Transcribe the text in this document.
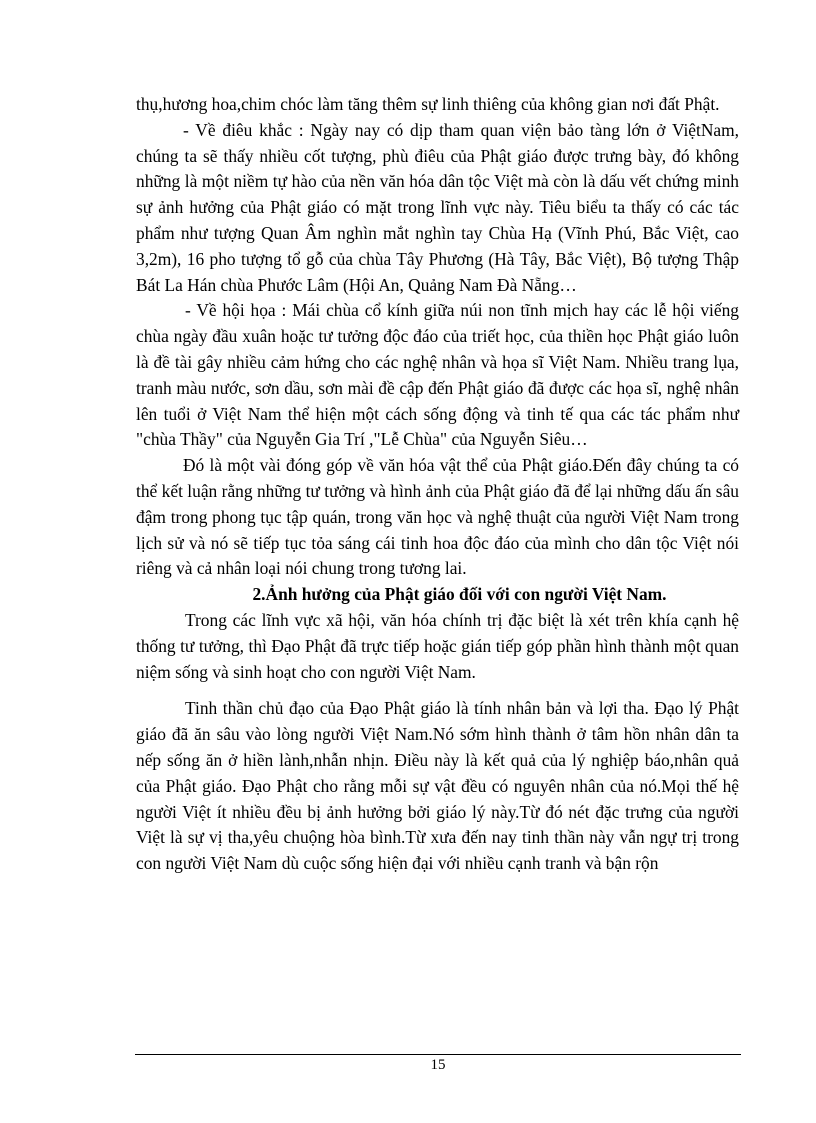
thụ,hương hoa,chim chóc làm tăng thêm sự linh thiêng của không gian nơi đất Phật.

- Về điêu khắc : Ngày nay có dịp tham quan viện bảo tàng lớn ở ViệtNam, chúng ta sẽ thấy nhiều cốt tượng, phù điêu của Phật giáo được trưng bày, đó không những là một niềm tự hào của nền văn hóa dân tộc Việt mà còn là dấu vết chứng minh sự ảnh hưởng của Phật giáo có mặt trong lĩnh vực này. Tiêu biểu ta thấy có các tác phẩm như tượng Quan Âm nghìn mắt nghìn tay Chùa Hạ (Vĩnh Phú, Bắc Việt, cao 3,2m), 16 pho tượng tổ gỗ của chùa Tây Phương (Hà Tây, Bắc Việt), Bộ tượng Thập Bát La Hán chùa Phước Lâm (Hội An, Quảng Nam Đà Nẵng…

- Về hội họa : Mái chùa cổ kính giữa núi non tĩnh mịch hay các lễ hội viếng chùa ngày đầu xuân hoặc tư tưởng độc đáo của triết học, của thiền học Phật giáo luôn là đề tài gây nhiều cảm hứng cho các nghệ nhân và họa sĩ Việt Nam. Nhiều trang lụa, tranh màu nước, sơn dầu, sơn mài đề cập đến Phật giáo đã được các họa sĩ, nghệ nhân lên tuổi ở Việt Nam thể hiện một cách sống động và tinh tế qua các tác phẩm như "chùa Thầy" của Nguyễn Gia Trí ,"Lễ Chùa" của Nguyễn Siêu…

Đó là một vài đóng góp về văn hóa vật thể của Phật giáo.Đến đây chúng ta có thể kết luận rằng những tư tưởng và hình ảnh của Phật giáo đã để lại những dấu ấn sâu đậm trong phong tục tập quán, trong văn học và nghệ thuật của người Việt Nam trong lịch sử và nó sẽ tiếp tục tỏa sáng cái tinh hoa độc đáo của mình cho dân tộc Việt nói riêng và cả nhân loại nói chung trong tương lai.

2.Ảnh hưởng của Phật giáo đối với con người Việt Nam.

Trong các lĩnh vực xã hội, văn hóa chính trị đặc biệt là xét trên khía cạnh hệ thống tư tưởng, thì Đạo Phật đã trực tiếp hoặc gián tiếp góp phần hình thành một quan niệm sống và sinh hoạt cho con người Việt Nam.

Tinh thần chủ đạo của Đạo Phật giáo là tính nhân bản và lợi tha. Đạo lý Phật giáo đã ăn sâu vào lòng người Việt Nam.Nó sớm hình thành ở tâm hồn nhân dân ta nếp sống ăn ở hiền lành,nhẫn nhịn. Điều này là kết quả của lý nghiệp báo,nhân quả của Phật giáo. Đạo Phật cho rằng mỗi sự vật đều có nguyên nhân của nó.Mọi thế hệ người Việt ít nhiều đều bị ảnh hưởng bởi giáo lý này.Từ đó nét đặc trưng của người Việt là sự vị tha,yêu chuộng hòa bình.Từ xưa đến nay tinh thần này vẫn ngự trị trong con người Việt Nam dù cuộc sống hiện đại với nhiều cạnh tranh và bận rộn

15
